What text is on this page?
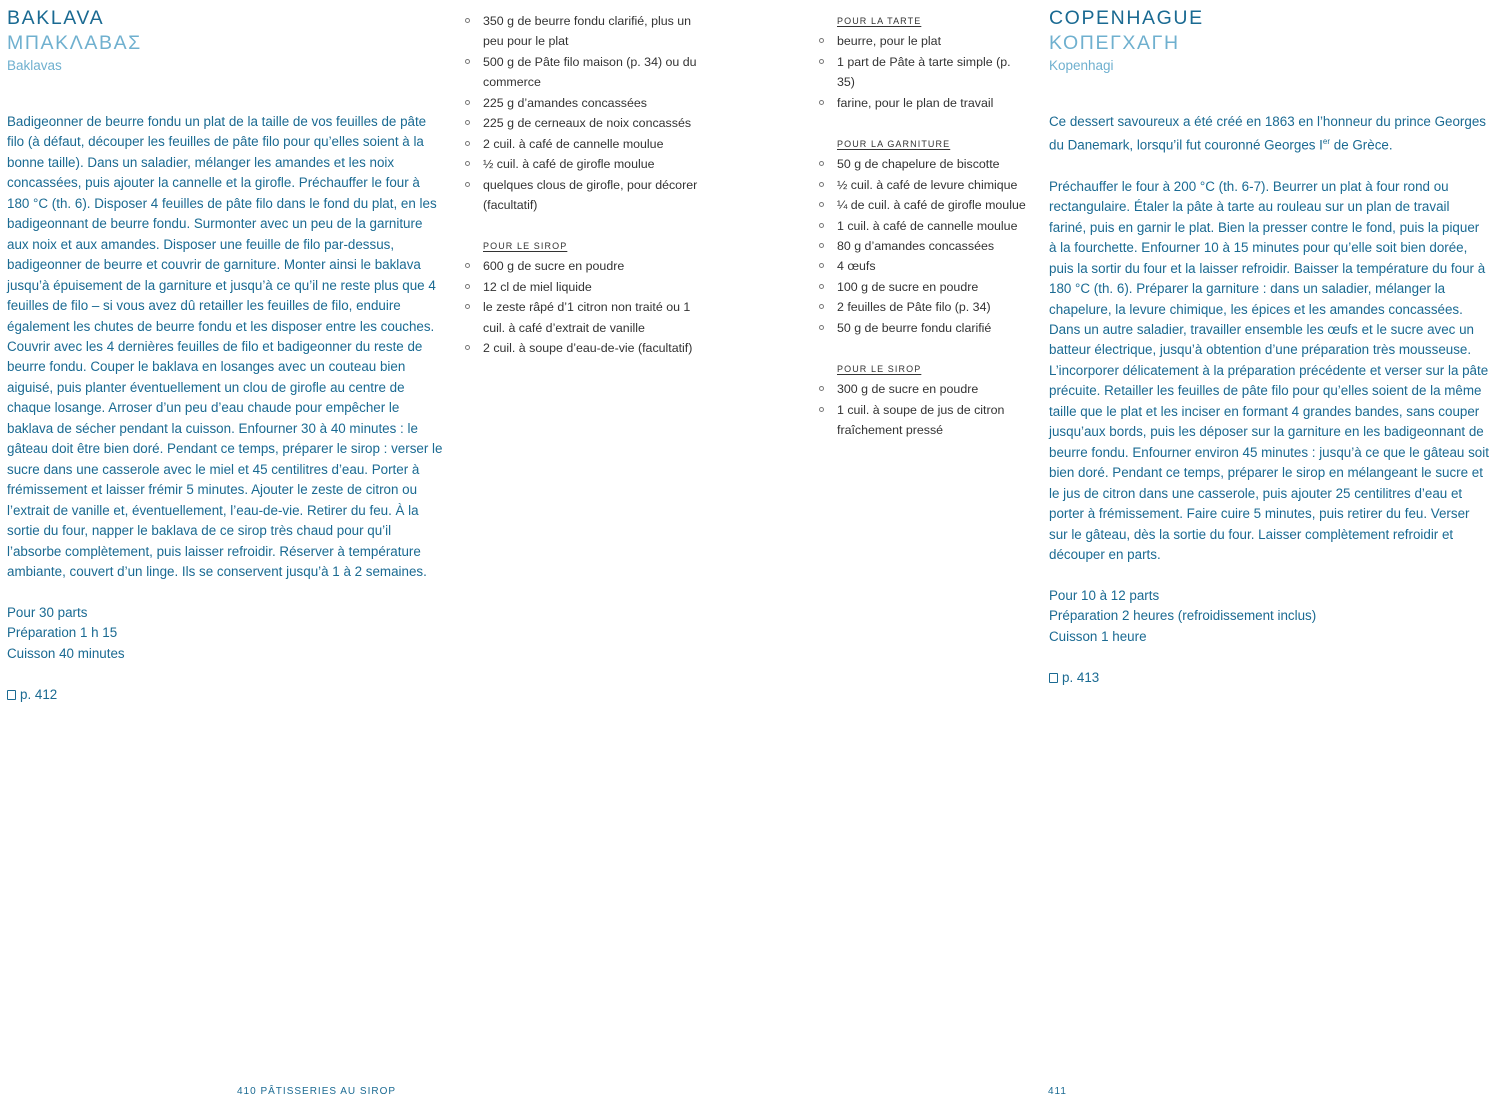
BAKLAVA
ΜΠΑΚΛΑΒΑΣ
Baklavas

Badigeonner de beurre fondu un plat de la taille de vos feuilles de pâte filo (à défaut, découper les feuilles de pâte filo pour qu’elles soient à la bonne taille). Dans un saladier, mélanger les amandes et les noix concassées, puis ajouter la cannelle et la girofle. Préchauffer le four à 180 °C (th. 6). Disposer 4 feuilles de pâte filo dans le fond du plat, en les badigeonnant de beurre fondu. Surmonter avec un peu de la garniture aux noix et aux amandes. Disposer une feuille de filo par-dessus, badigeonner de beurre et couvrir de garniture. Monter ainsi le baklava jusqu’à épuisement de la garniture et jusqu’à ce qu’il ne reste plus que 4 feuilles de filo – si vous avez dû retailler les feuilles de filo, enduire également les chutes de beurre fondu et les disposer entre les couches. Couvrir avec les 4 dernières feuilles de filo et badigeonner du reste de beurre fondu. Couper le baklava en losanges avec un couteau bien aiguisé, puis planter éventuellement un clou de girofle au centre de chaque losange. Arroser d’un peu d’eau chaude pour empêcher le baklava de sécher pendant la cuisson. Enfourner 30 à 40 minutes : le gâteau doit être bien doré. Pendant ce temps, préparer le sirop : verser le sucre dans une casserole avec le miel et 45 centilitres d’eau. Porter à frémissement et laisser frémir 5 minutes. Ajouter le zeste de citron ou l’extrait de vanille et, éventuellement, l’eau-de-vie. Retirer du feu. À la sortie du four, napper le baklava de ce sirop très chaud pour qu’il l’absorbe complètement, puis laisser refroidir. Réserver à température ambiante, couvert d’un linge. Ils se conservent jusqu’à 1 à 2 semaines.

Pour 30 parts
Préparation 1 h 15
Cuisson 40 minutes
p. 412
350 g de beurre fondu clarifié, plus un peu pour le plat
500 g de Pâte filo maison (p. 34) ou du commerce
225 g d’amandes concassées
225 g de cerneaux de noix concassés
2 cuil. à café de cannelle moulue
½ cuil. à café de girofle moulue
quelques clous de girofle, pour décorer (facultatif)
POUR LE SIROP
600 g de sucre en poudre
12 cl de miel liquide
le zeste râpé d’1 citron non traité ou 1 cuil. à café d’extrait de vanille
2 cuil. à soupe d’eau-de-vie (facultatif)
POUR LA TARTE
beurre, pour le plat
1 part de Pâte à tarte simple (p. 35)
farine, pour le plan de travail
POUR LA GARNITURE
50 g de chapelure de biscotte
½ cuil. à café de levure chimique
¼ de cuil. à café de girofle moulue
1 cuil. à café de cannelle moulue
80 g d’amandes concassées
4 œufs
100 g de sucre en poudre
2 feuilles de Pâte filo (p. 34)
50 g de beurre fondu clarifié
POUR LE SIROP
300 g de sucre en poudre
1 cuil. à soupe de jus de citron fraîchement pressé
COPENHAGUE
ΚΟΠΕΓΧΑΓΗ
Kopenhagi

Ce dessert savoureux a été créé en 1863 en l’honneur du prince Georges du Danemark, lorsqu’il fut couronné Georges Ier de Grèce.

Préchauffer le four à 200 °C (th. 6-7). Beurrer un plat à four rond ou rectangulaire. Étaler la pâte à tarte au rouleau sur un plan de travail fariné, puis en garnir le plat. Bien la presser contre le fond, puis la piquer à la fourchette. Enfourner 10 à 15 minutes pour qu’elle soit bien dorée, puis la sortir du four et la laisser refroidir. Baisser la température du four à 180 °C (th. 6). Préparer la garniture : dans un saladier, mélanger la chapelure, la levure chimique, les épices et les amandes concassées. Dans un autre saladier, travailler ensemble les œufs et le sucre avec un batteur électrique, jusqu’à obtention d’une préparation très mousseuse. L’incorporer délicatement à la préparation précédente et verser sur la pâte précuite. Retailler les feuilles de pâte filo pour qu’elles soient de la même taille que le plat et les inciser en formant 4 grandes bandes, sans couper jusqu’aux bords, puis les déposer sur la garniture en les badigeonnant de beurre fondu. Enfourner environ 45 minutes : jusqu’à ce que le gâteau soit bien doré. Pendant ce temps, préparer le sirop en mélangeant le sucre et le jus de citron dans une casserole, puis ajouter 25 centilitres d’eau et porter à frémissement. Faire cuire 5 minutes, puis retirer du feu. Verser sur le gâteau, dès la sortie du four. Laisser complètement refroidir et découper en parts.

Pour 10 à 12 parts
Préparation 2 heures (refroidissement inclus)
Cuisson 1 heure
p. 413
410 PÂTISSERIES AU SIROP	411
